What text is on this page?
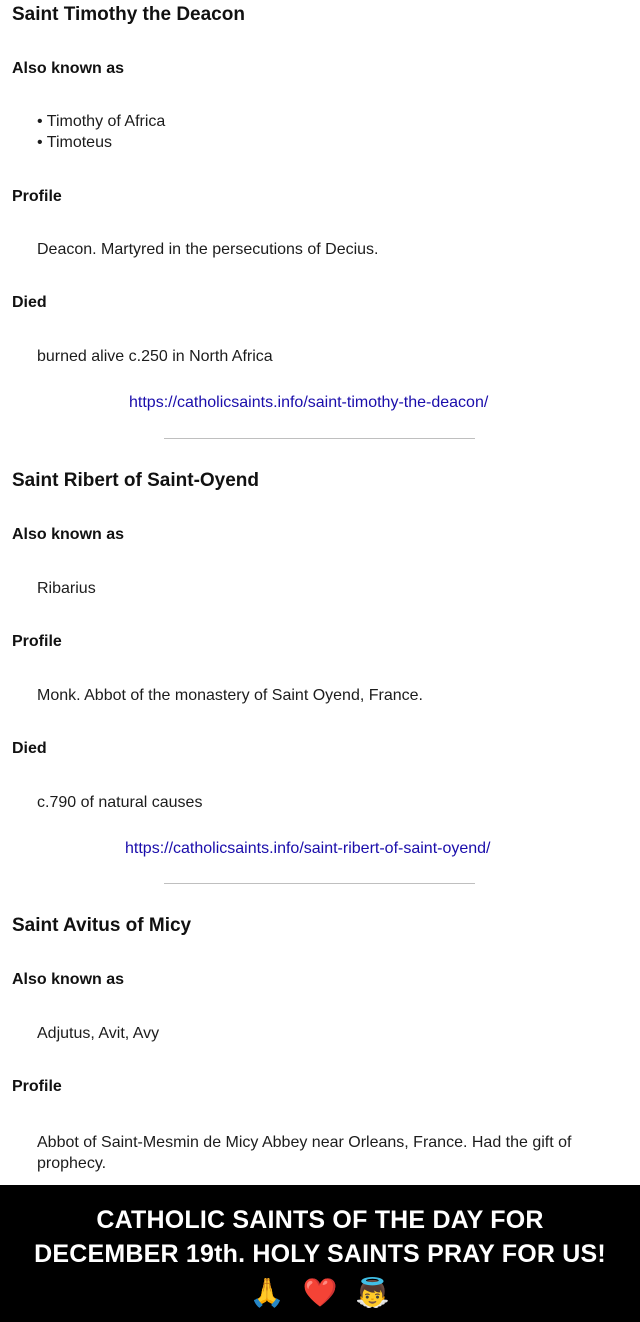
Saint Timothy the Deacon
Also known as
• Timothy of Africa
• Timoteus
Profile
Deacon. Martyred in the persecutions of Decius.
Died
burned alive c.250 in North Africa
https://catholicsaints.info/saint-timothy-the-deacon/
Saint Ribert of Saint-Oyend
Also known as
Ribarius
Profile
Monk. Abbot of the monastery of Saint Oyend, France.
Died
c.790 of natural causes
https://catholicsaints.info/saint-ribert-of-saint-oyend/
Saint Avitus of Micy
Also known as
Adjutus, Avit, Avy
Profile
Abbot of Saint-Mesmin de Micy Abbey near Orleans, France. Had the gift of prophecy.
CATHOLIC SAINTS OF THE DAY FOR
DECEMBER 19th. HOLY SAINTS PRAY FOR US!
🙏 ❤️ 👼
